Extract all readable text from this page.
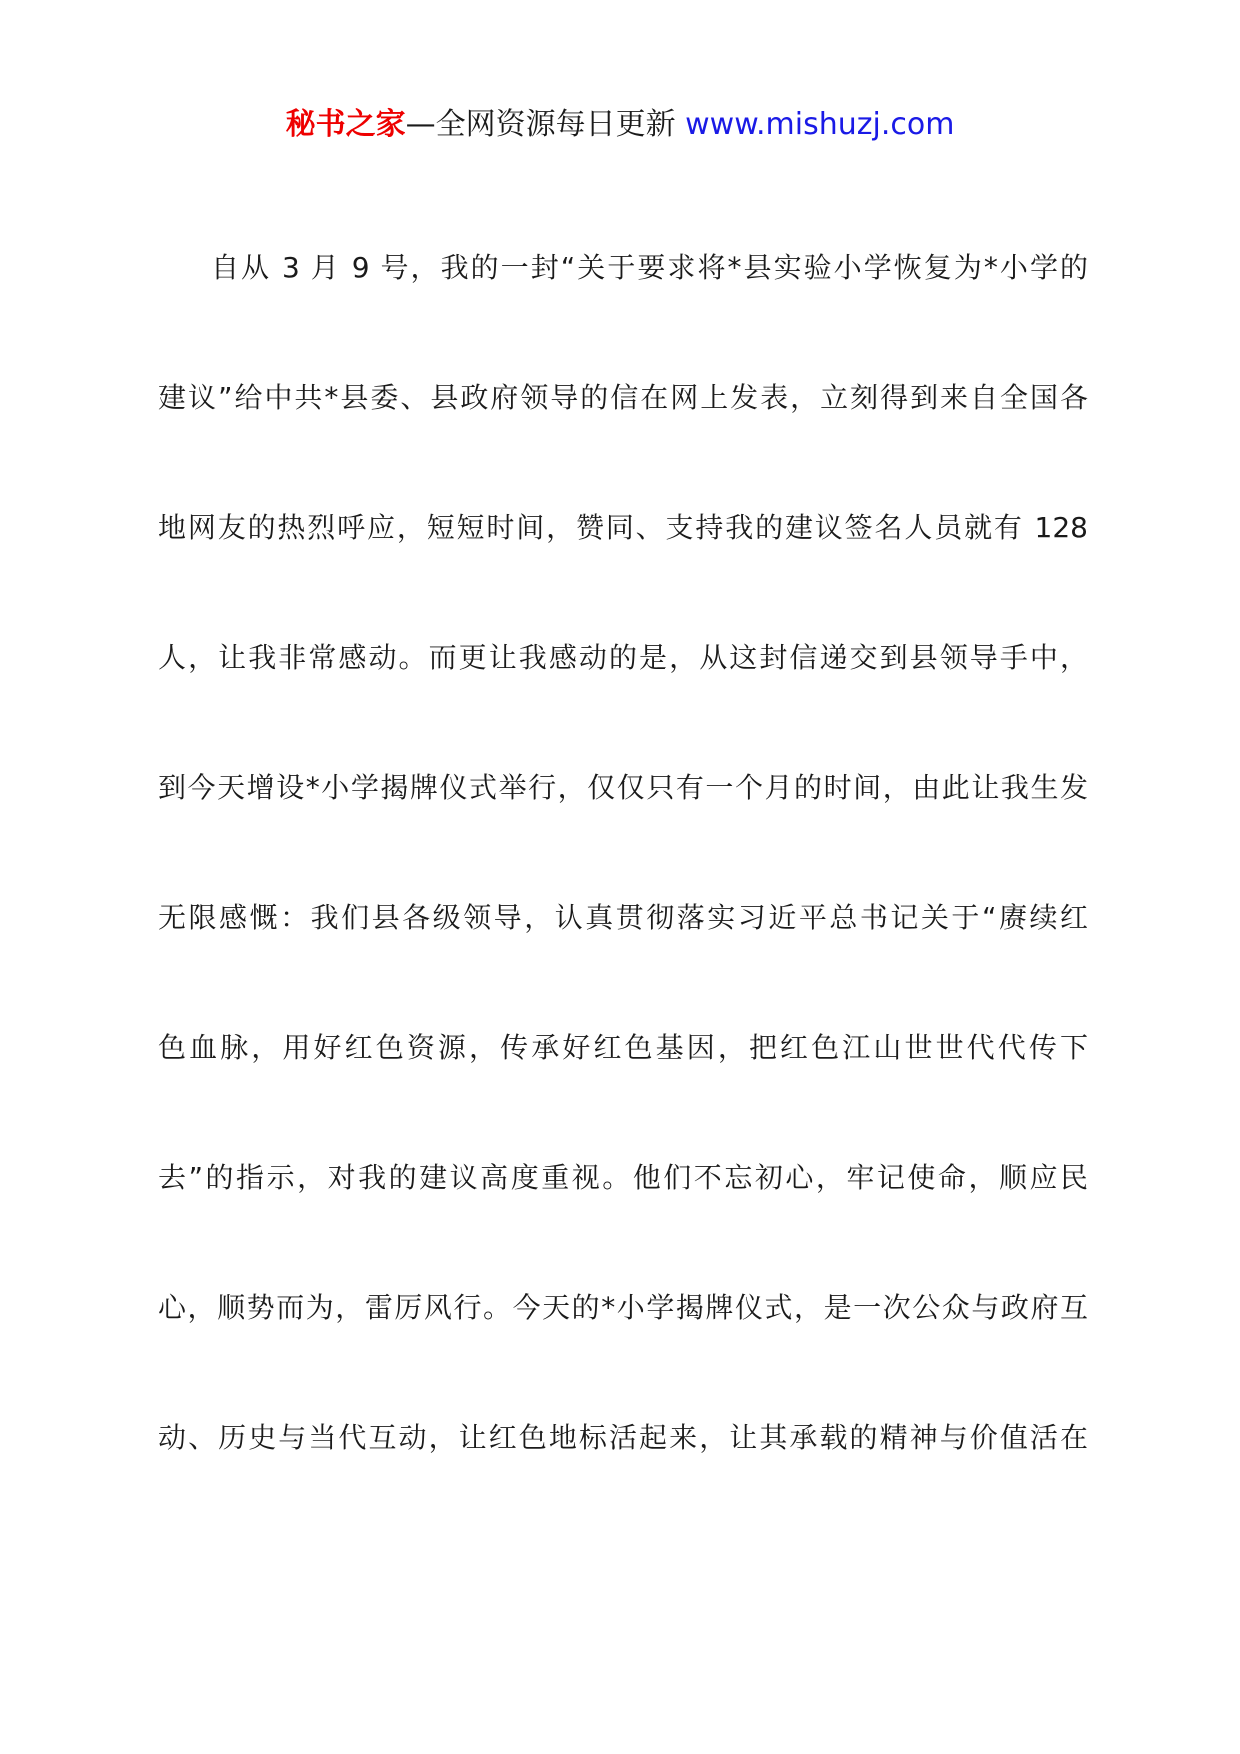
秘书之家—全网资源每日更新 www.mishuzj.com
自从 3 月 9 号，我的一封“关于要求将*县实验小学恢复为*小学的
建议”给中共*县委、县政府领导的信在网上发表，立刻得到来自全国各
地网友的热烈呼应，短短时间，赞同、支持我的建议签名人员就有 128
人，让我非常感动。而更让我感动的是，从这封信递交到县领导手中，
到今天增设*小学揭牌仪式举行，仅仅只有一个月的时间，由此让我生发
无限感慨：我们县各级领导，认真贯彻落实习近平总书记关于“赓续红
色血脉，用好红色资源，传承好红色基因，把红色江山世世代代传下
去”的指示，对我的建议高度重视。他们不忘初心，牢记使命，顺应民
心，顺势而为，雷厉风行。今天的*小学揭牌仪式，是一次公众与政府互
动、历史与当代互动，让红色地标活起来，让其承载的精神与价值活在
